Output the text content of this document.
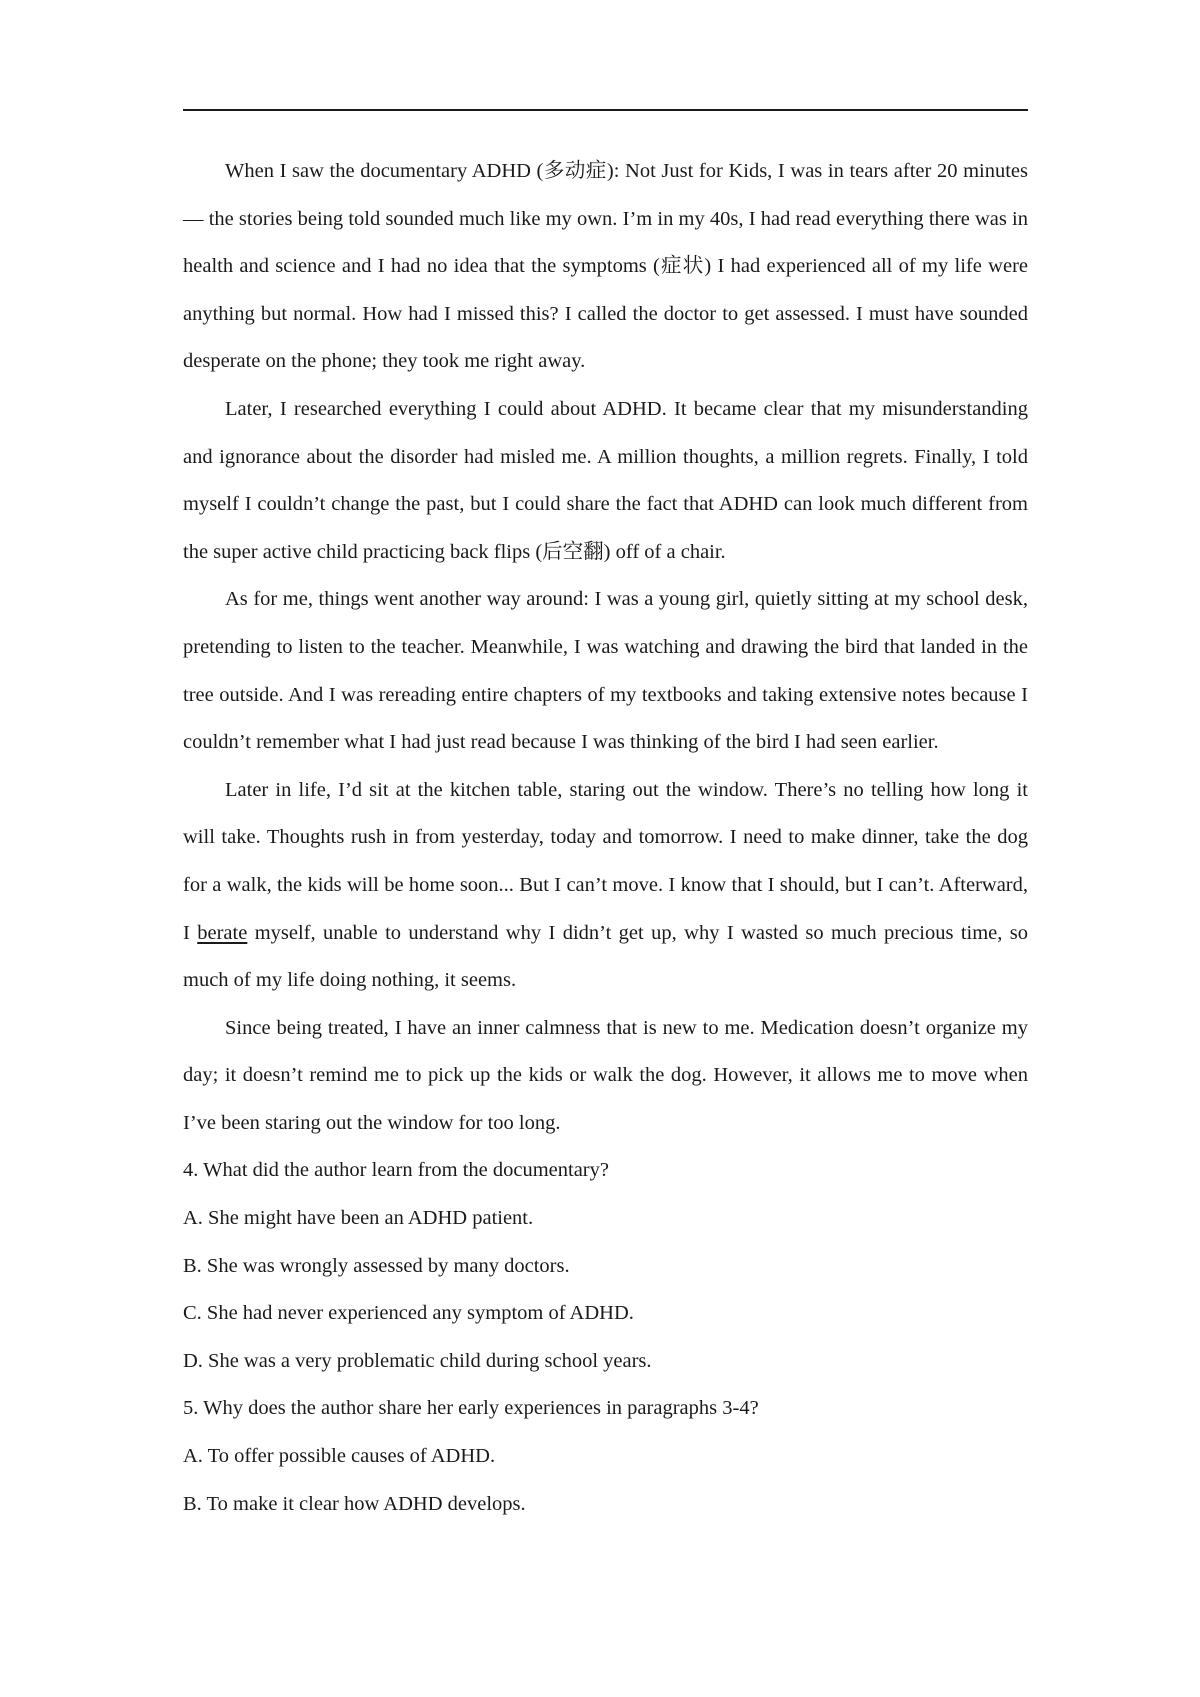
When I saw the documentary ADHD (多动症): Not Just for Kids, I was in tears after 20 minutes — the stories being told sounded much like my own. I’m in my 40s, I had read everything there was in health and science and I had no idea that the symptoms (症状) I had experienced all of my life were anything but normal. How had I missed this? I called the doctor to get assessed. I must have sounded desperate on the phone; they took me right away.

Later, I researched everything I could about ADHD. It became clear that my misunderstanding and ignorance about the disorder had misled me. A million thoughts, a million regrets. Finally, I told myself I couldn’t change the past, but I could share the fact that ADHD can look much different from the super active child practicing back flips (后空翻) off of a chair.

As for me, things went another way around: I was a young girl, quietly sitting at my school desk, pretending to listen to the teacher. Meanwhile, I was watching and drawing the bird that landed in the tree outside. And I was rereading entire chapters of my textbooks and taking extensive notes because I couldn’t remember what I had just read because I was thinking of the bird I had seen earlier.

Later in life, I’d sit at the kitchen table, staring out the window. There’s no telling how long it will take. Thoughts rush in from yesterday, today and tomorrow. I need to make dinner, take the dog for a walk, the kids will be home soon... But I can’t move. I know that I should, but I can’t. Afterward, I berate myself, unable to understand why I didn’t get up, why I wasted so much precious time, so much of my life doing nothing, it seems.

Since being treated, I have an inner calmness that is new to me. Medication doesn’t organize my day; it doesn’t remind me to pick up the kids or walk the dog. However, it allows me to move when I’ve been staring out the window for too long.

4. What did the author learn from the documentary?

A. She might have been an ADHD patient.

B. She was wrongly assessed by many doctors.

C. She had never experienced any symptom of ADHD.

D. She was a very problematic child during school years.

5. Why does the author share her early experiences in paragraphs 3-4?

A. To offer possible causes of ADHD.

B. To make it clear how ADHD develops.
